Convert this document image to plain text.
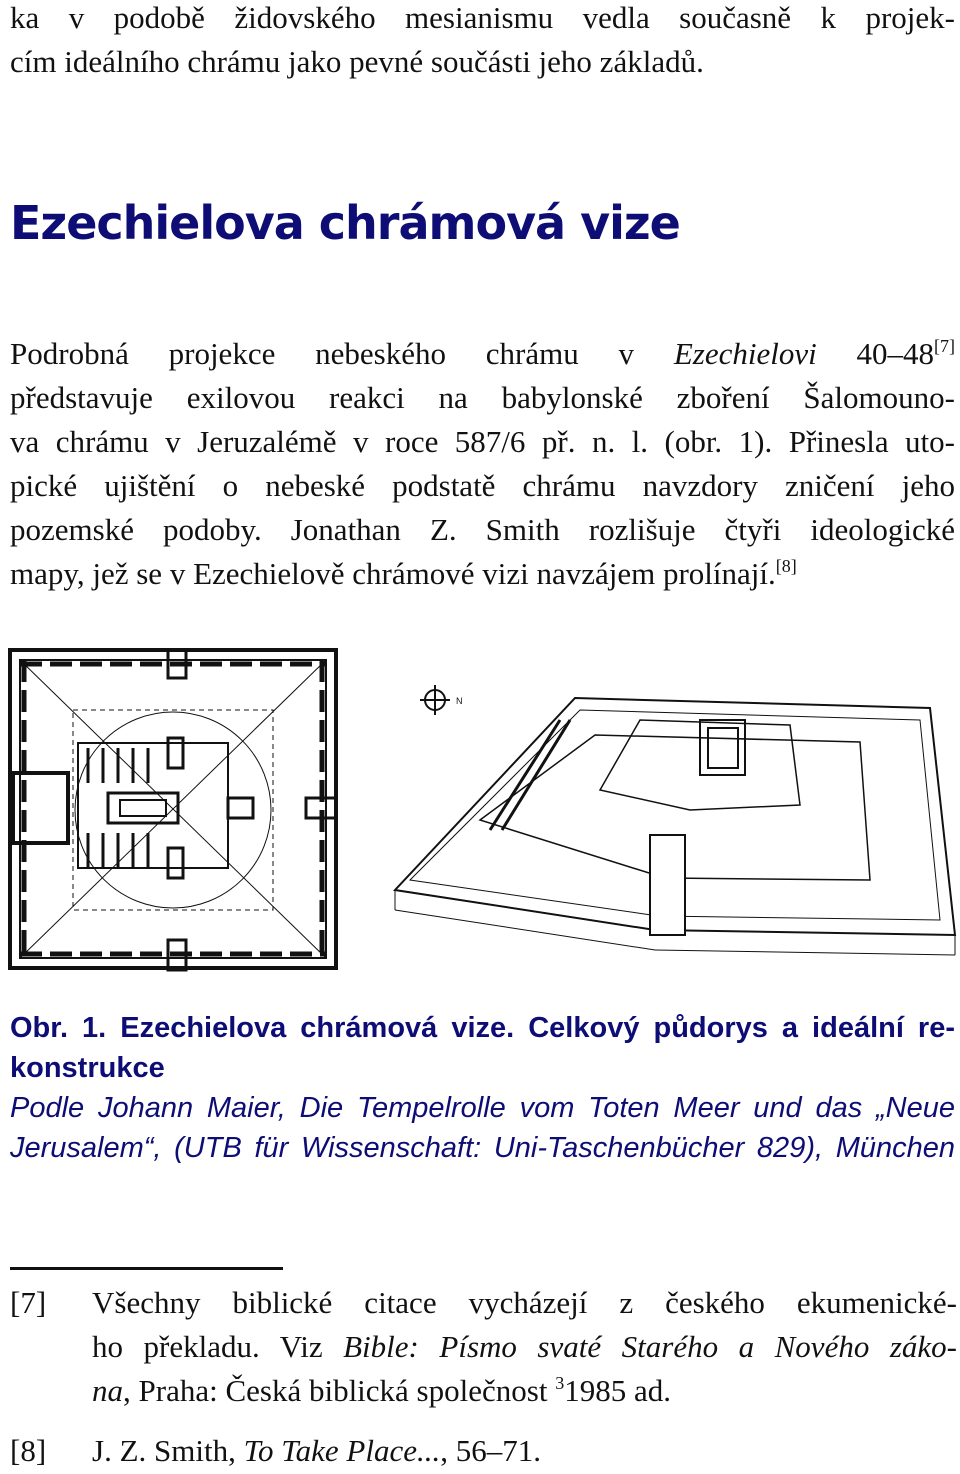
ka v podobě židovského mesianismu vedla současně k projek-
cím ideálního chrámu jako pevné součásti jeho základů.
Ezechielova chrámová vize
Podrobná projekce nebeského chrámu v Ezechielovi 40–48[7]
představuje exilovou reakci na babylonské zboření Šalomouno-
va chrámu v Jeruzalémě v roce 587/6 př. n. l. (obr. 1). Přinesla uto-
pické ujištění o nebeské podstatě chrámu navzdory zničení jeho
pozemské podoby. Jonathan Z. Smith rozlišuje čtyři ideologické
mapy, jež se v Ezechielově chrámové vizi navzájem prolínají.[8]
N
Obr. 1. Ezechielova chrámová vize. Celkový půdorys a ideální re-
konstrukce
Podle Johann Maier, Die Tempelrolle vom Toten Meer und das „Neue
Jerusalem“, (UTB für Wissenschaft: Uni-Taschenbücher 829), München
[7] Všechny biblické citace vycházejí z českého ekumenické-
ho překladu. Viz Bible: Písmo svaté Starého a Nového záko-
na, Praha: Česká biblická společnost $^3$1985 ad.
[8] J. Z. Smith, To Take Place..., 56–71.
